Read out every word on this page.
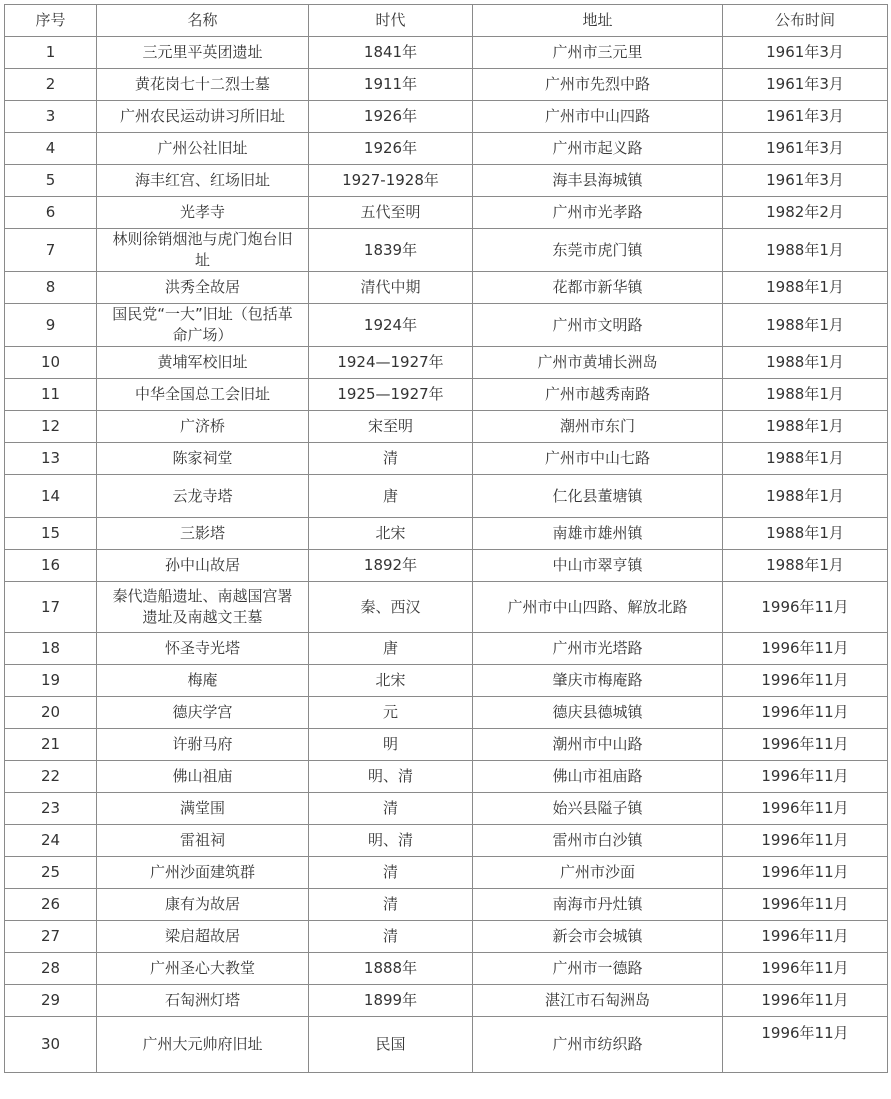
序号	名称	时代	地址	公布时间
1	三元里平英团遗址	1841年	广州市三元里	1961年3月
2	黄花岗七十二烈士墓	1911年	广州市先烈中路	1961年3月
3	广州农民运动讲习所旧址	1926年	广州市中山四路	1961年3月
4	广州公社旧址	1926年	广州市起义路	1961年3月
5	海丰红宫、红场旧址	1927-1928年	海丰县海城镇	1961年3月
6	光孝寺	五代至明	广州市光孝路	1982年2月
7	林则徐销烟池与虎门炮台旧址	1839年	东莞市虎门镇	1988年1月
8	洪秀全故居	清代中期	花都市新华镇	1988年1月
9	国民党“一大”旧址（包括革命广场）	1924年	广州市文明路	1988年1月
10	黄埔军校旧址	1924—1927年	广州市黄埔长洲岛	1988年1月
11	中华全国总工会旧址	1925—1927年	广州市越秀南路	1988年1月
12	广济桥	宋至明	潮州市东门	1988年1月
13	陈家祠堂	清	广州市中山七路	1988年1月
14	云龙寺塔	唐	仁化县董塘镇	1988年1月
15	三影塔	北宋	南雄市雄州镇	1988年1月
16	孙中山故居	1892年	中山市翠亨镇	1988年1月
17	秦代造船遗址、南越国宫署遗址及南越文王墓	秦、西汉	广州市中山四路、解放北路	1996年11月
18	怀圣寺光塔	唐	广州市光塔路	1996年11月
19	梅庵	北宋	肇庆市梅庵路	1996年11月
20	德庆学宫	元	德庆县德城镇	1996年11月
21	许驸马府	明	潮州市中山路	1996年11月
22	佛山祖庙	明、清	佛山市祖庙路	1996年11月
23	满堂围	清	始兴县隘子镇	1996年11月
24	雷祖祠	明、清	雷州市白沙镇	1996年11月
25	广州沙面建筑群	清	广州市沙面	1996年11月
26	康有为故居	清	南海市丹灶镇	1996年11月
27	梁启超故居	清	新会市会城镇	1996年11月
28	广州圣心大教堂	1888年	广州市一德路	1996年11月
29	石匋洲灯塔	1899年	湛江市石匋洲岛	1996年11月
30	广州大元帅府旧址	民国	广州市纺织路	1996年11月
